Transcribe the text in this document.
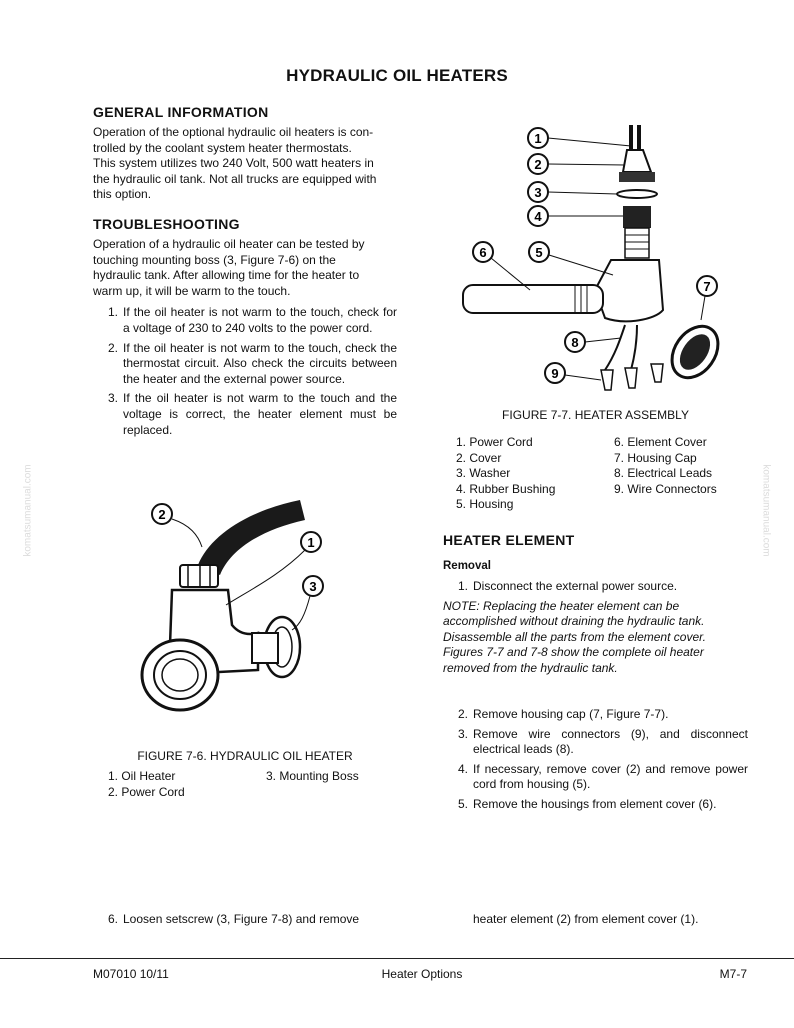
HYDRAULIC OIL HEATERS
GENERAL INFORMATION
Operation of the optional hydraulic oil heaters is con-
trolled by the coolant system heater thermostats.
This system utilizes two 240 Volt, 500 watt heaters in
the hydraulic oil tank. Not all trucks are equipped with
this option.
TROUBLESHOOTING
Operation of a hydraulic oil heater can be tested by
touching mounting boss (3, Figure 7-6) on the
hydraulic tank. After allowing time for the heater to
warm up, it will be warm to the touch.
1. If the oil heater is not warm to the touch, check for a voltage of 230 to 240 volts to the power cord.
2. If the oil heater is not warm to the touch, check the thermostat circuit. Also check the circuits between the heater and the external power source.
3. If the oil heater is not warm to the touch and the voltage is correct, the heater element must be replaced.
2
1
3
FIGURE 7-6. HYDRAULIC OIL HEATER
1. Oil Heater
2. Power Cord
3. Mounting Boss
1
2
3
4
5
6
7
8
9
FIGURE 7-7. HEATER ASSEMBLY
1. Power Cord
2. Cover
3. Washer
4. Rubber Bushing
5. Housing
6. Element Cover
7. Housing Cap
8. Electrical Leads
9. Wire Connectors
HEATER ELEMENT
Removal
1. Disconnect the external power source.
NOTE: Replacing the heater element can be
accomplished without draining the hydraulic tank.
Disassemble all the parts from the element cover.
Figures 7-7 and 7-8 show the complete oil heater
removed from the hydraulic tank.
2. Remove housing cap (7, Figure 7-7).
3. Remove wire connectors (9), and disconnect electrical leads (8).
4. If necessary, remove cover (2) and remove power cord from housing (5).
5. Remove the housings from element cover (6).
6. Loosen setscrew (3, Figure 7-8) and remove	heater element (2) from element cover (1).
M07010 10/11	Heater Options	M7-7
komatsumanual.com	komatsumanual.com
